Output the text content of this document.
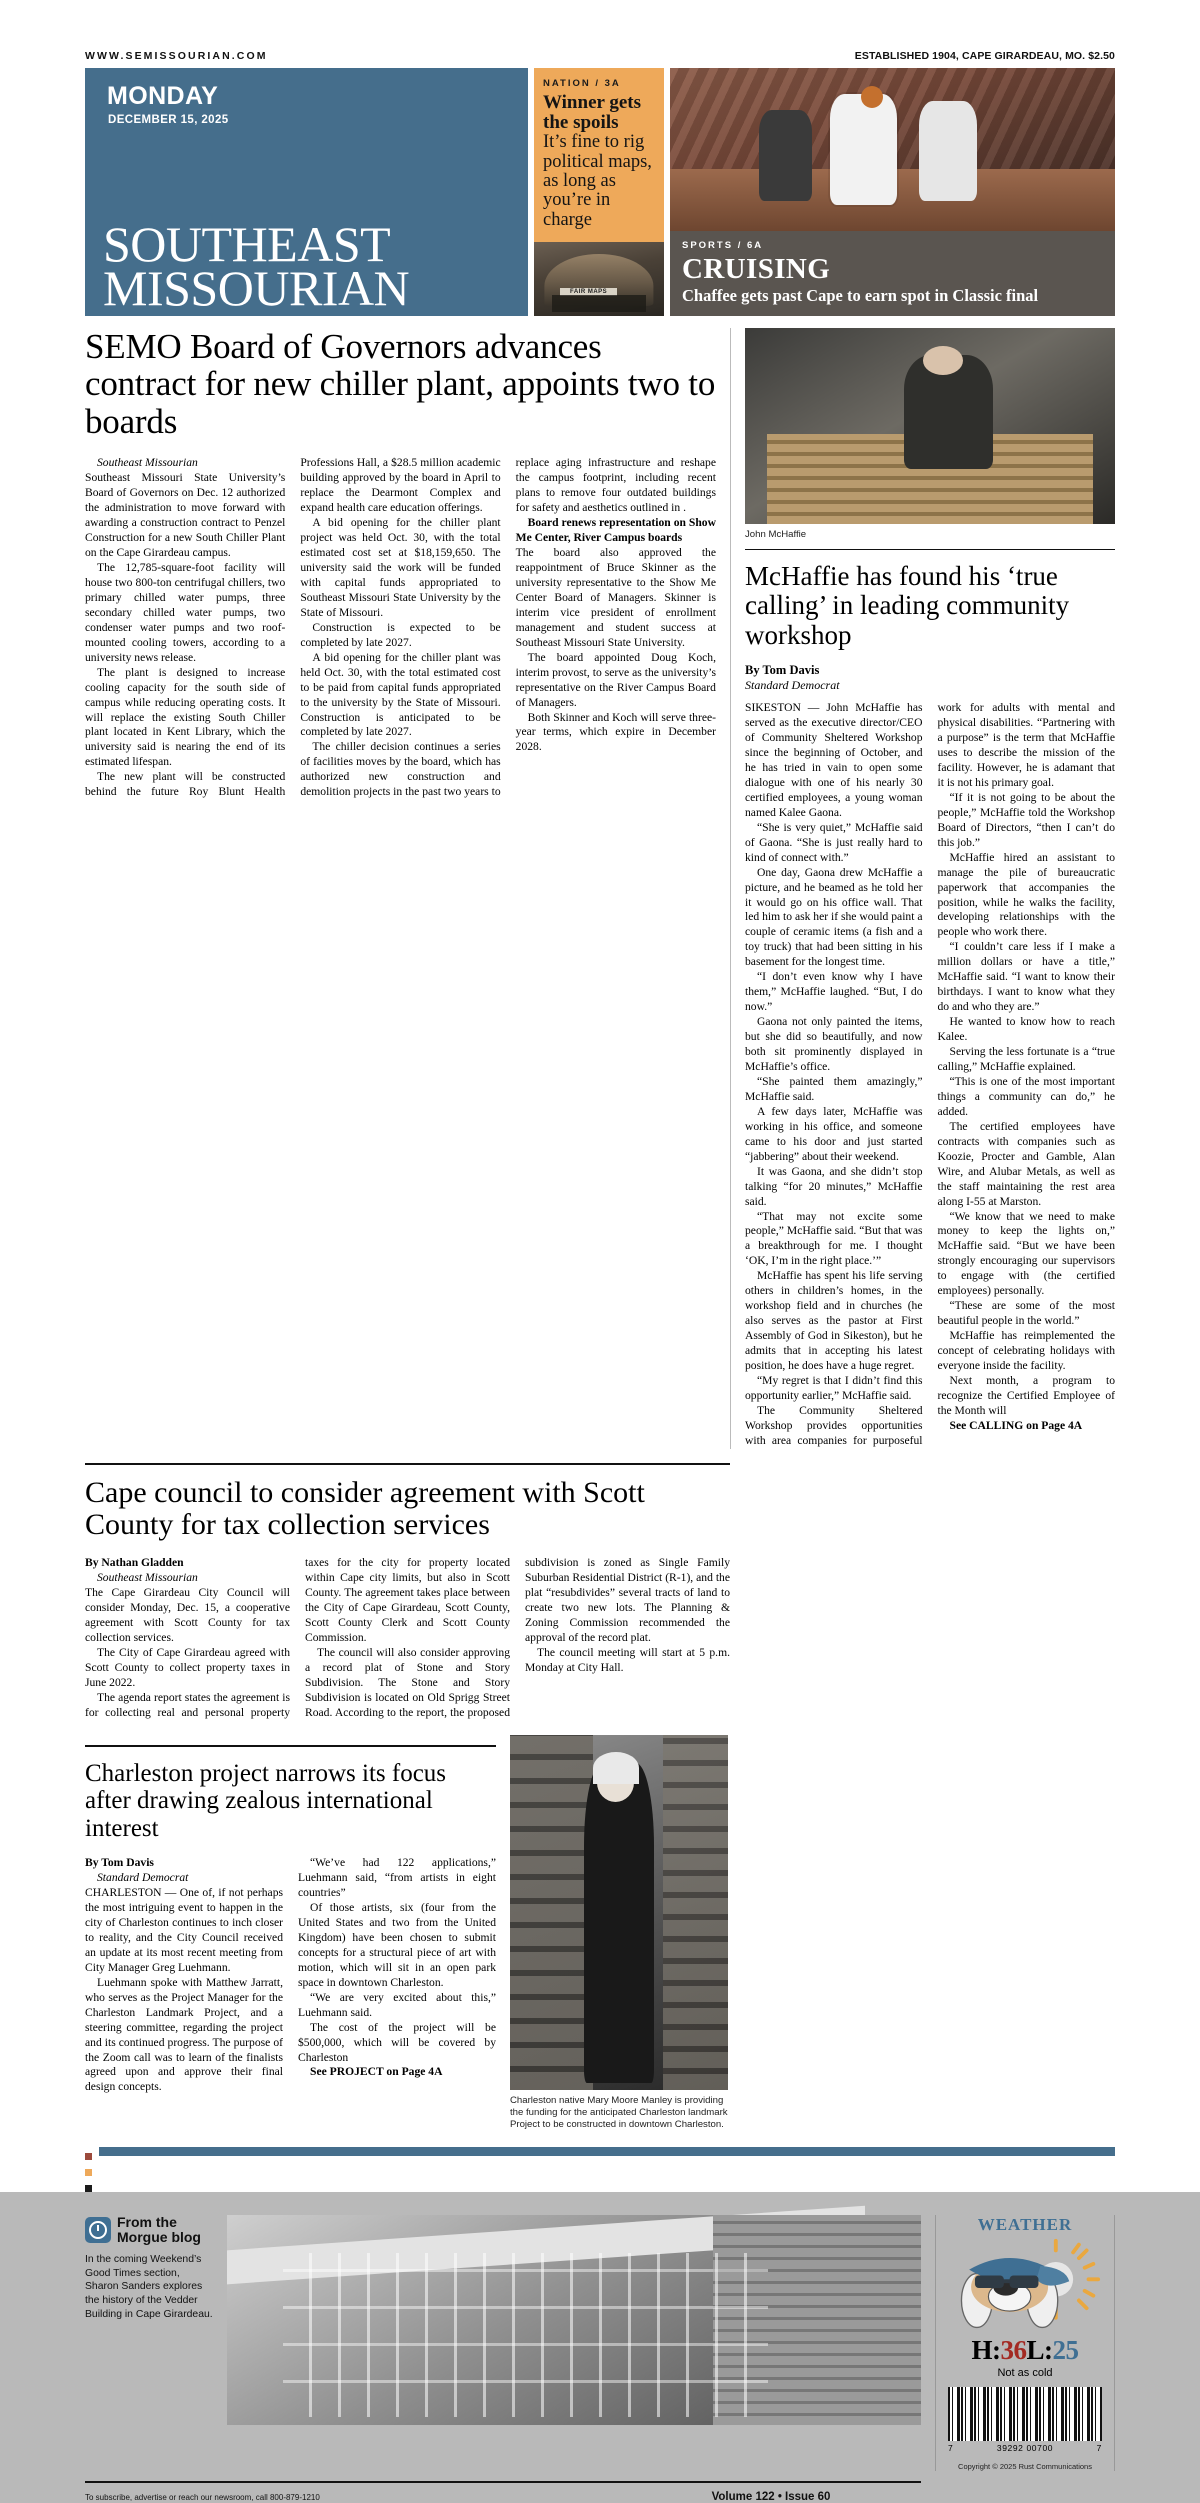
WWW.SEMISSOURIAN.COM	ESTABLISHED 1904, CAPE GIRARDEAU, MO. $2.50
MONDAY
DECEMBER 15, 2025
SOUTHEAST
MISSOURIAN
NATION / 3A
Winner gets the spoils
It’s fine to rig political maps, as long as you’re in charge
FAIR MAPS
SPORTS / 6A
CRUISING
Chaffee gets past Cape to earn spot in Classic final
SEMO Board of Governors advances contract for new chiller plant, appoints two to boards

Southeast Missourian

Southeast Missouri State University’s Board of Governors on Dec. 12 authorized the administration to move forward with awarding a construction contract to Penzel Construction for a new South Chiller Plant on the Cape Girardeau campus.

The 12,785-square-foot facility will house two 800-ton centrifugal chillers, two primary chilled water pumps, three secondary chilled water pumps, two condenser water pumps and two roof-mounted cooling towers, according to a university news release.

The plant is designed to increase cooling capacity for the south side of campus while reducing operating costs. It will replace the existing South Chiller plant located in Kent Library, which the university said is nearing the end of its estimated lifespan.

The new plant will be constructed behind the future Roy Blunt Health Professions Hall, a $28.5 million academic building approved by the board in April to replace the Dearmont Complex and expand health care education offerings.

A bid opening for the chiller plant project was held Oct. 30, with the total estimated cost set at $18,159,650. The university said the work will be funded with capital funds appropriated to Southeast Missouri State University by the State of Missouri.

Construction is expected to be completed by late 2027.

A bid opening for the chiller plant was held Oct. 30, with the total estimated cost to be paid from capital funds appropriated to the university by the State of Missouri. Construction is anticipated to be completed by late 2027.

The chiller decision continues a series of facilities moves by the board, which has authorized new construction and demolition projects in the past two years to replace aging infrastructure and reshape the campus footprint, including recent plans to remove four outdated buildings for safety and aesthetics outlined in .

Board renews representation on Show Me Center, River Campus boards

The board also approved the reappointment of Bruce Skinner as the university representative to the Show Me Center Board of Managers. Skinner is interim vice president of enrollment management and student success at Southeast Missouri State University.

The board appointed Doug Koch, interim provost, to serve as the university’s representative on the River Campus Board of Managers.

Both Skinner and Koch will serve three-year terms, which expire in December 2028.

John McHaffie
McHaffie has found his ‘true calling’ in leading community workshop
By Tom Davis
Standard Democrat

SIKESTON — John McHaffie has served as the executive director/CEO of Community Sheltered Workshop since the beginning of October, and he has tried in vain to open some dialogue with one of his nearly 30 certified employees, a young woman named Kalee Gaona.

“She is very quiet,” McHaffie said of Gaona. “She is just really hard to kind of connect with.”

One day, Gaona drew McHaffie a picture, and he beamed as he told her it would go on his office wall. That led him to ask her if she would paint a couple of ceramic items (a fish and a toy truck) that had been sitting in his basement for the longest time.

“I don’t even know why I have them,” McHaffie laughed. “But, I do now.”

Gaona not only painted the items, but she did so beautifully, and now both sit prominently displayed in McHaffie’s office.

“She painted them amazingly,” McHaffie said.

A few days later, McHaffie was working in his office, and someone came to his door and just started “jabbering” about their weekend.

It was Gaona, and she didn’t stop talking “for 20 minutes,” McHaffie said.

“That may not excite some people,” McHaffie said. “But that was a breakthrough for me. I thought ‘OK, I’m in the right place.’”

McHaffie has spent his life serving others in children’s homes, in the workshop field and in churches (he also serves as the pastor at First Assembly of God in Sikeston), but he admits that in accepting his latest position, he does have a huge regret.

“My regret is that I didn’t find this opportunity earlier,” McHaffie said.

The Community Sheltered Workshop provides opportunities with area companies for purposeful work for adults with mental and physical disabilities. “Partnering with a purpose” is the term that McHaffie uses to describe the mission of the facility. However, he is adamant that it is not his primary goal.

“If it is not going to be about the people,” McHaffie told the Workshop Board of Directors, “then I can’t do this job.”

McHaffie hired an assistant to manage the pile of bureaucratic paperwork that accompanies the position, while he walks the facility, developing relationships with the people who work there.

“I couldn’t care less if I make a million dollars or have a title,” McHaffie said. “I want to know their birthdays. I want to know what they do and who they are.”

He wanted to know how to reach Kalee.

Serving the less fortunate is a “true calling,” McHaffie explained.

“This is one of the most important things a community can do,” he added.

The certified employees have contracts with companies such as Koozie, Procter and Gamble, Alan Wire, and Alubar Metals, as well as the staff maintaining the rest area along I-55 at Marston.

“We know that we need to make money to keep the lights on,” McHaffie said. “But we have been strongly encouraging our supervisors to engage with (the certified employees) personally.

“These are some of the most beautiful people in the world.”

McHaffie has reimplemented the concept of celebrating holidays with everyone inside the facility.

Next month, a program to recognize the Certified Employee of the Month will

See CALLING on Page 4A

Cape council to consider agreement with Scott County for tax collection services

By Nathan Gladden

Southeast Missourian

The Cape Girardeau City Council will consider Monday, Dec. 15, a cooperative agreement with Scott County for tax collection services.

The City of Cape Girardeau agreed with Scott County to collect property taxes in June 2022.

The agenda report states the agreement is for collecting real and personal property taxes for the city for property located within Cape city limits, but also in Scott County. The agreement takes place between the City of Cape Girardeau, Scott County, Scott County Clerk and Scott County Commission.

The council will also consider approving a record plat of Stone and Story Subdivision. The Stone and Story Subdivision is located on Old Sprigg Street Road. According to the report, the proposed subdivision is zoned as Single Family Suburban Residential District (R-1), and the plat “resubdivides” several tracts of land to create two new lots. The Planning & Zoning Commission recommended the approval of the record plat.

The council meeting will start at 5 p.m. Monday at City Hall.

Charleston project narrows its focus after drawing zealous international interest

By Tom Davis

Standard Democrat

CHARLESTON — One of, if not perhaps the most intriguing event to happen in the city of Charleston continues to inch closer to reality, and the City Council received an update at its most recent meeting from City Manager Greg Luehmann.

Luehmann spoke with Matthew Jarratt, who serves as the Project Manager for the Charleston Landmark Project, and a steering committee, regarding the project and its continued progress. The purpose of the Zoom call was to learn of the finalists agreed upon and approve their final design concepts.

“We’ve had 122 applications,” Luehmann said, “from artists in eight countries”

Of those artists, six (four from the United States and two from the United Kingdom) have been chosen to submit concepts for a structural piece of art with motion, which will sit in an open park space in downtown Charleston.

“We are very excited about this,” Luehmann said.

The cost of the project will be $500,000, which will be covered by Charleston

See PROJECT on Page 4A

Charleston native Mary Moore Manley is providing the funding for the anticipated Charleston landmark Project to be constructed in downtown Charleston.
From the
Morgue blog
In the coming Weekend’s Good Times section, Sharon Sanders explores the history of the Vedder Building in Cape Girardeau.
WEATHER
H:36L:25
Not as cold
7	39292 00700	7
Copyright © 2025 Rust Communications
To subscribe, advertise or reach our newsroom, call 800-879-1210	Volume 122 • Issue 60
